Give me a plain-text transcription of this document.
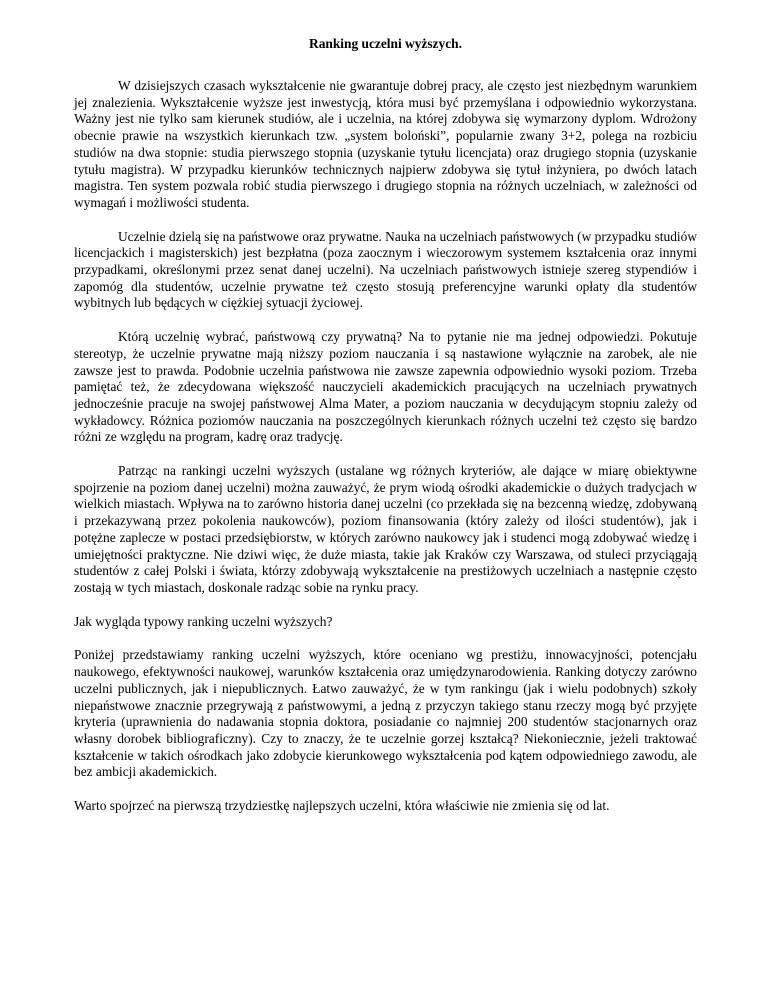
Ranking uczelni wyższych.

W dzisiejszych czasach wykształcenie nie gwarantuje dobrej pracy, ale często jest niezbędnym warunkiem jej znalezienia. Wykształcenie wyższe jest inwestycją, która musi być przemyślana i odpowiednio wykorzystana. Ważny jest nie tylko sam kierunek studiów, ale i uczelnia, na której zdobywa się wymarzony dyplom. Wdrożony obecnie prawie na wszystkich kierunkach tzw. „system boloński”, popularnie zwany 3+2, polega na rozbiciu studiów na dwa stopnie: studia pierwszego stopnia (uzyskanie tytułu licencjata) oraz drugiego stopnia (uzyskanie tytułu magistra). W przypadku kierunków technicznych najpierw zdobywa się tytuł inżyniera, po dwóch latach magistra. Ten system pozwala robić studia pierwszego i drugiego stopnia na różnych uczelniach, w zależności od wymagań i możliwości studenta.

Uczelnie dzielą się na państwowe oraz prywatne. Nauka na uczelniach państwowych (w przypadku studiów licencjackich i magisterskich) jest bezpłatna (poza zaocznym i wieczorowym systemem kształcenia oraz innymi przypadkami, określonymi przez senat danej uczelni). Na uczelniach państwowych istnieje szereg stypendiów i zapomóg dla studentów, uczelnie prywatne też często stosują preferencyjne warunki opłaty dla studentów wybitnych lub będących w ciężkiej sytuacji życiowej.

Którą uczelnię wybrać, państwową czy prywatną? Na to pytanie nie ma jednej odpowiedzi. Pokutuje stereotyp, że uczelnie prywatne mają niższy poziom nauczania i są nastawione wyłącznie na zarobek, ale nie zawsze jest to prawda. Podobnie uczelnia państwowa nie zawsze zapewnia odpowiednio wysoki poziom. Trzeba pamiętać też, że zdecydowana większość nauczycieli akademickich pracujących na uczelniach prywatnych jednocześnie pracuje na swojej państwowej Alma Mater, a poziom nauczania w decydującym stopniu zależy od wykładowcy. Różnica poziomów nauczania na poszczególnych kierunkach różnych uczelni też często się bardzo różni ze względu na program, kadrę oraz tradycję.

Patrząc na rankingi uczelni wyższych (ustalane wg różnych kryteriów, ale dające w miarę obiektywne spojrzenie na poziom danej uczelni) można zauważyć, że prym wiodą ośrodki akademickie o dużych tradycjach w wielkich miastach. Wpływa na to zarówno historia danej uczelni (co przekłada się na bezcenną wiedzę, zdobywaną i przekazywaną przez pokolenia naukowców), poziom finansowania (który zależy od ilości studentów), jak i potężne zaplecze w postaci przedsiębiorstw, w których zarówno naukowcy jak i studenci mogą zdobywać wiedzę i umiejętności praktyczne. Nie dziwi więc, że duże miasta, takie jak Kraków czy Warszawa, od stuleci przyciągają studentów z całej Polski i świata, którzy zdobywają wykształcenie na prestiżowych uczelniach a następnie często zostają w tych miastach, doskonale radząc sobie na rynku pracy.

Jak wygląda typowy ranking uczelni wyższych?

Poniżej przedstawiamy ranking uczelni wyższych, które oceniano wg prestiżu, innowacyjności, potencjału naukowego, efektywności naukowej, warunków kształcenia oraz umiędzynarodowienia. Ranking dotyczy zarówno uczelni publicznych, jak i niepublicznych. Łatwo zauważyć, że w tym rankingu (jak i wielu podobnych) szkoły niepaństwowe znacznie przegrywają z państwowymi, a jedną z przyczyn takiego stanu rzeczy mogą być przyjęte kryteria (uprawnienia do nadawania stopnia doktora, posiadanie co najmniej 200 studentów stacjonarnych oraz własny dorobek bibliograficzny). Czy to znaczy, że te uczelnie gorzej kształcą? Niekoniecznie, jeżeli traktować kształcenie w takich ośrodkach jako zdobycie kierunkowego wykształcenia pod kątem odpowiedniego zawodu, ale bez ambicji akademickich.

Warto spojrzeć na pierwszą trzydziestkę najlepszych uczelni, która właściwie nie zmienia się od lat.
